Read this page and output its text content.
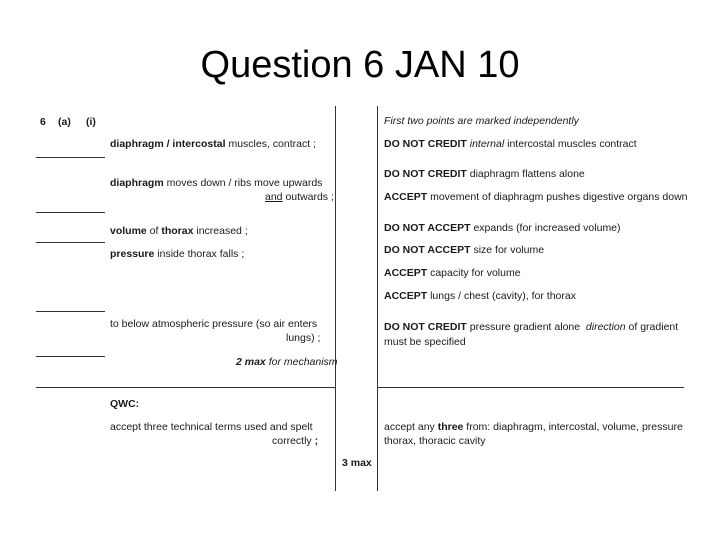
Question 6 JAN 10
6 (a) (i)
diaphragm / intercostal muscles, contract ;
diaphragm moves down / ribs move upwards
and outwards ;
volume of thorax increased ;
pressure inside thorax falls ;
to below atmospheric pressure (so air enters
lungs) ;
2 max for mechanism
QWC:
accept three technical terms used and spelt
correctly ;
3 max
First two points are marked independently
DO NOT CREDIT internal intercostal muscles contract
DO NOT CREDIT diaphragm flattens alone
ACCEPT movement of diaphragm pushes digestive organs down
DO NOT ACCEPT expands (for increased volume)
DO NOT ACCEPT size for volume
ACCEPT capacity for volume
ACCEPT lungs / chest (cavity), for thorax
DO NOT CREDIT pressure gradient alone  direction of gradient
must be specified
accept any three from: diaphragm, intercostal, volume, pressure
thorax, thoracic cavity
